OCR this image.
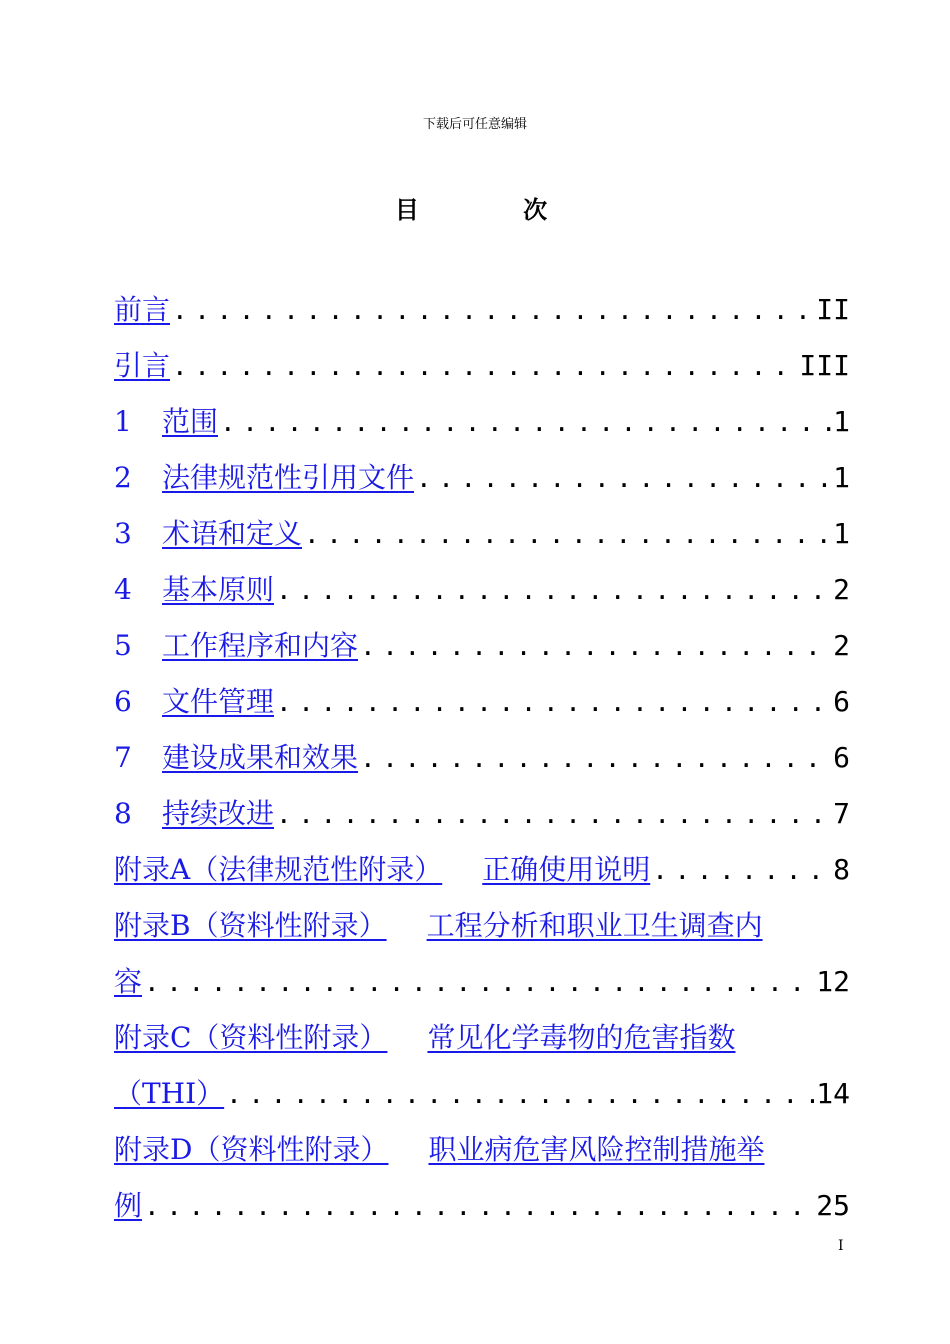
下载后可任意编辑
目 次
前言 .....	II
引言 .....	III
1 范围 .....	1
2 法律规范性引用文件 .....	1
3 术语和定义 .....	1
4 基本原则 .....	2
5 工作程序和内容 .....	2
6 文件管理 .....	6
7 建设成果和效果 .....	6
8 持续改进 .....	7
附录A（法律规范性附录） 正确使用说明 .....	8
附录B（资料性附录） 工程分析和职业卫生调查内
容 .....	12
附录C（资料性附录） 常见化学毒物的危害指数
（THI） .....	14
附录D（资料性附录） 职业病危害风险控制措施举
例 .....	25
I
